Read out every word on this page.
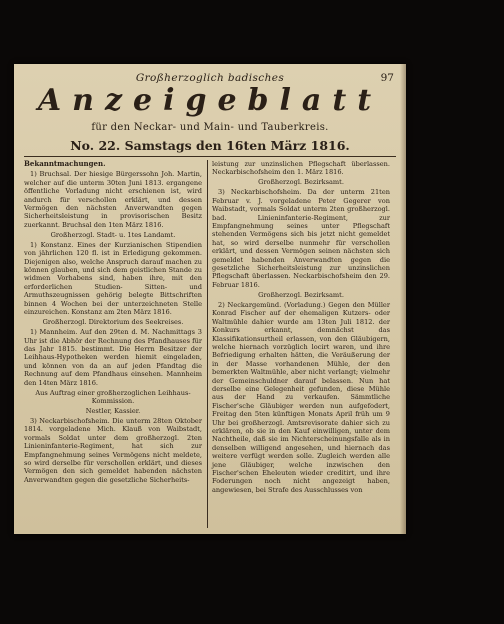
Großherzoglich badisches	97
Anzeigeblatt
für den Neckar- und Main- und Tauberkreis.
No. 22. Samstags den 16ten März 1816.
Bekanntmachungen.

1) Bruchsal. Der hiesige Bürgerssohn Joh. Martin, welcher auf die unterm 30ten Juni 1813. ergangene öffentliche Vorladung nicht erschienen ist, wird andurch für verschollen erklärt, und dessen Vermögen den nächsten Anverwandten gegen Sicherheitsleistung in provisorischen Besitz zuerkannt. Bruchsal den 1ten März 1816.

Großherzogl. Stadt- u. 1tes Landamt.

1) Konstanz. Eines der Kurzianischen Stipendien von jährlichen 120 fl. ist in Erledigung gekommen. Diejenigen also, welche Anspruch darauf machen zu können glauben, und sich dem geistlichen Stande zu widmen Vorhabens sind, haben ihre, mit den erforderlichen Studien- Sitten- und Armuthszeugnissen gehörig belegte Bittschriften binnen 4 Wochen bei der unterzeichneten Stelle einzureichen. Konstanz am 2ten März 1816.

Großherzogl. Direktorium des Seekreises.

1) Mannheim. Auf den 29ten d. M. Nachmittags 3 Uhr ist die Abhör der Rechnung des Pfandhauses für das Jahr 1815. bestimmt. Die Herrn Besitzer der Leihhaus-Hypotheken werden hiemit eingeladen, und können von da an auf jeden Pfandtag die Rechnung auf dem Pfandhaus einsehen. Mannheim den 14ten März 1816.

Aus Auftrag einer großherzoglichen Leihhaus-Kommission.

Nestler, Kassier.

3) Neckarbischofsheim. Die unterm 28ten Oktober 1814. vorgeladene Mich. Klauß von Waibstadt, vormals Soldat unter dem großherzogl. 2ten Linieninfanterie-Regiment, hat sich zur Empfangnehmung seines Vermögens nicht meldete, so wird derselbe für verschollen erklärt, und dieses Vermögen den sich gemeldet habenden nächsten Anverwandten gegen die gesetzliche Sicherheits-

leistung zur unzinslichen Pflegschaft überlassen. Neckarbischofsheim den 1. März 1816.

Großherzogl. Bezirksamt.

3) Neckarbischofsheim. Da der unterm 21ten Februar v. J. vorgeladene Peter Gegerer von Waibstadt, vormals Soldat unterm 2ten großherzogl. bad. Linieninfanterie-Regiment, zur Empfangnehmung seines unter Pflegschaft stehenden Vermögens sich bis jetzt nicht gemeldet hat, so wird derselbe nunmehr für verschollen erklärt, und dessen Vermögen seinen nächsten sich gemeldet habenden Anverwandten gegen die gesetzliche Sicherheitsleistung zur unzinslichen Pflegschaft überlassen. Neckarbischofsheim den 29. Februar 1816.

Großherzogl. Bezirksamt.

2) Neckargemünd. (Vorladung.) Gegen den Müller Konrad Fischer auf der ehemaligen Kutzers- oder Waltmühle dahier wurde am 13ten Juli 1812. der Konkurs erkannt, demnächst das Klassifikationsurtheil erlassen, von den Gläubigern, welche hiernach vorzüglich locirt waren, und ihre Befriedigung erhalten hätten, die Veräußerung der in der Masse vorhandenen Mühle, der den bemerkten Waltmühle, aber nicht verlangt; vielmehr der Gemeinschuldner darauf belassen. Nun hat derselbe eine Gelegenheit gefunden, diese Mühle aus der Hand zu verkaufen. Sämmtliche Fischer'sche Gläubiger werden nun aufgefodert, Freitag den 5ten künftigen Monats April früh um 9 Uhr bei großherzogl. Amtsrevisorate dahier sich zu erklären, ob sie in den Kauf einwilligen, unter dem Nachtheile, daß sie im Nichterscheinungsfalle als in denselben willigend angesehen, und hiernach das weitere verfügt werden solle. Zugleich werden alle jene Gläubiger, welche inzwischen den Fischer'schen Eheleuten wieder creditirt, und ihre Foderungen noch nicht angezeigt haben, angewiesen, bei Strafe des Ausschlusses von
